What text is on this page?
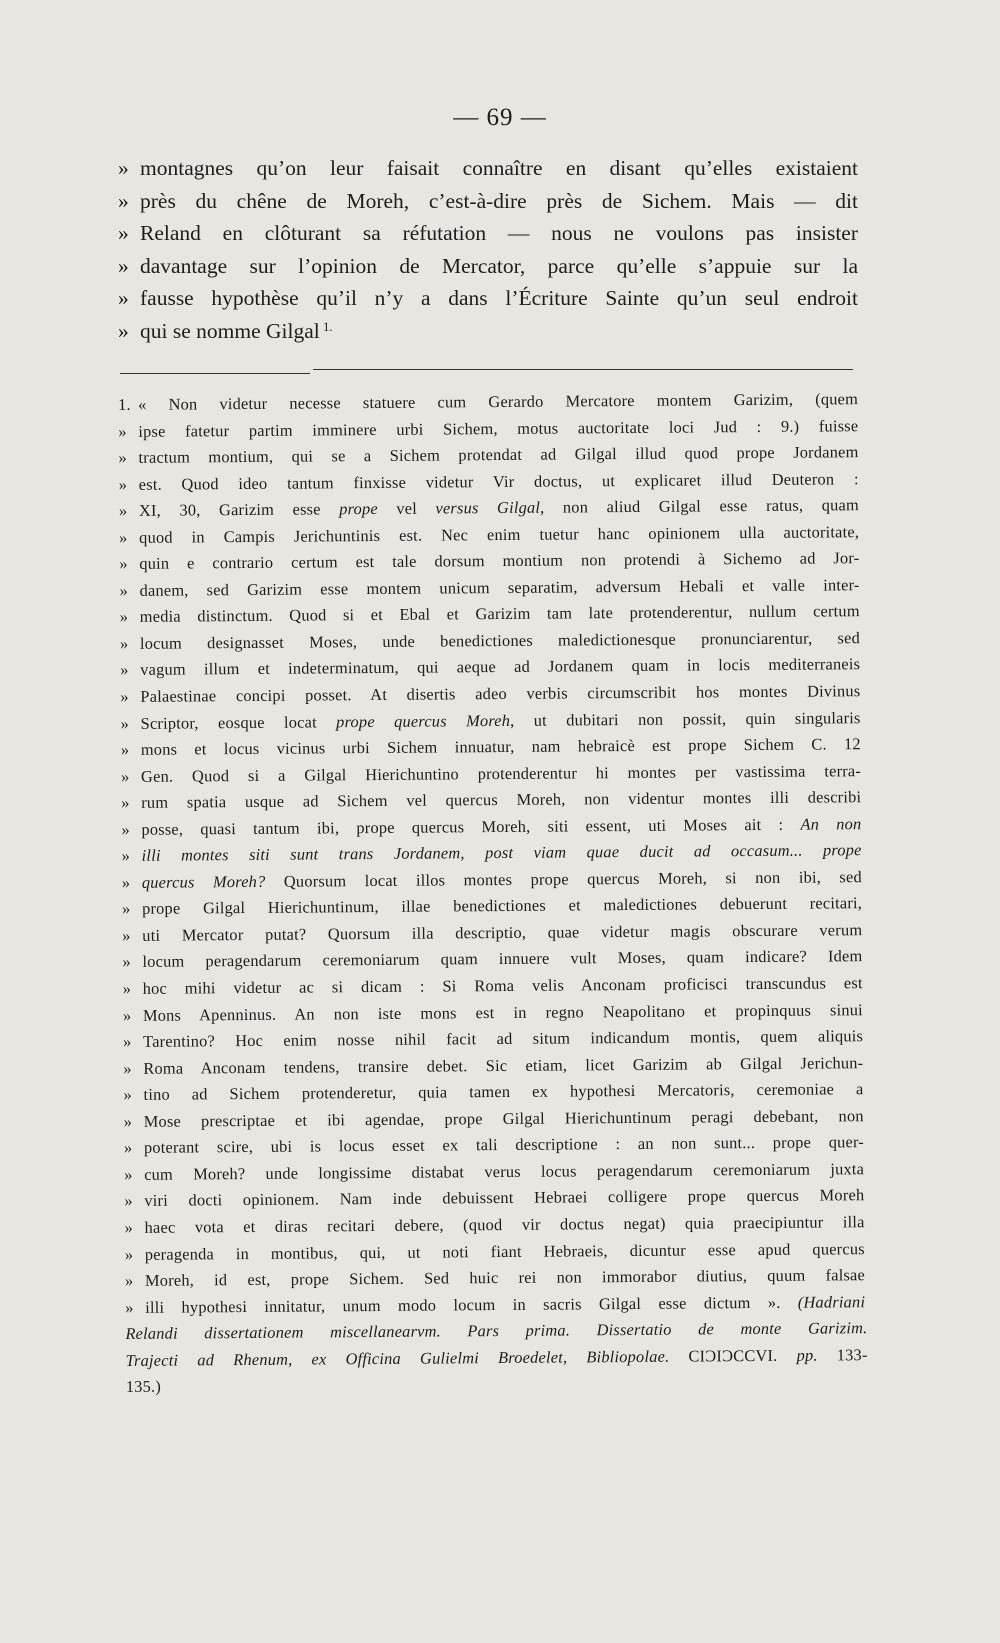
— 69 —
» montagnes qu’on leur faisait connaître en disant qu’elles existaient
» près du chêne de Moreh, c’est-à-dire près de Sichem. Mais — dit
» Reland en clôturant sa réfutation — nous ne voulons pas insister
» davantage sur l’opinion de Mercator, parce qu’elle s’appuie sur la
» fausse hypothèse qu’il n’y a dans l’Écriture Sainte qu’un seul endroit
» qui se nomme Gilgal $^{1.}$
1. « Non videtur necesse statuere cum Gerardo Mercatore montem Garizim, (quem
» ipse fatetur partim imminere urbi Sichem, motus auctoritate loci Jud : 9.) fuisse
» tractum montium, qui se a Sichem protendat ad Gilgal illud quod prope Jordanem
» est. Quod ideo tantum finxisse videtur Vir doctus, ut explicaret illud Deuteron :
» XI, 30, Garizim esse prope vel versus Gilgal, non aliud Gilgal esse ratus, quam
» quod in Campis Jerichuntinis est. Nec enim tuetur hanc opinionem ulla auctoritate,
» quin e contrario certum est tale dorsum montium non protendi à Sichemo ad Jor-
» danem, sed Garizim esse montem unicum separatim, adversum Hebali et valle inter-
» media distinctum. Quod si et Ebal et Garizim tam late protenderentur, nullum certum
» locum designasset Moses, unde benedictiones maledictionesque pronunciarentur, sed
» vagum illum et indeterminatum, qui aeque ad Jordanem quam in locis mediterraneis
» Palaestinae concipi posset. At disertis adeo verbis circumscribit hos montes Divinus
» Scriptor, eosque locat prope quercus Moreh, ut dubitari non possit, quin singularis
» mons et locus vicinus urbi Sichem innuatur, nam hebraicè est prope Sichem C. 12
» Gen. Quod si a Gilgal Hierichuntino protenderentur hi montes per vastissima terra-
» rum spatia usque ad Sichem vel quercus Moreh, non videntur montes illi describi
» posse, quasi tantum ibi, prope quercus Moreh, siti essent, uti Moses ait : An non
» illi montes siti sunt trans Jordanem, post viam quae ducit ad occasum... prope
» quercus Moreh? Quorsum locat illos montes prope quercus Moreh, si non ibi, sed
» prope Gilgal Hierichuntinum, illae benedictiones et maledictiones debuerunt recitari,
» uti Mercator putat? Quorsum illa descriptio, quae videtur magis obscurare verum
» locum peragendarum ceremoniarum quam innuere vult Moses, quam indicare? Idem
» hoc mihi videtur ac si dicam : Si Roma velis Anconam proficisci transcundus est
» Mons Apenninus. An non iste mons est in regno Neapolitano et propinquus sinui
» Tarentino? Hoc enim nosse nihil facit ad situm indicandum montis, quem aliquis
» Roma Anconam tendens, transire debet. Sic etiam, licet Garizim ab Gilgal Jerichun-
» tino ad Sichem protenderetur, quia tamen ex hypothesi Mercatoris, ceremoniae a
» Mose prescriptae et ibi agendae, prope Gilgal Hierichuntinum peragi debebant, non
» poterant scire, ubi is locus esset ex tali descriptione : an non sunt... prope quer-
» cum Moreh? unde longissime distabat verus locus peragendarum ceremoniarum juxta
» viri docti opinionem. Nam inde debuissent Hebraei colligere prope quercus Moreh
» haec vota et diras recitari debere, (quod vir doctus negat) quia praecipiuntur illa
» peragenda in montibus, qui, ut noti fiant Hebraeis, dicuntur esse apud quercus
» Moreh, id est, prope Sichem. Sed huic rei non immorabor diutius, quum falsae
» illi hypothesi innitatur, unum modo locum in sacris Gilgal esse dictum ». (Hadriani
Relandi dissertationem miscellanearvm. Pars prima. Dissertatio de monte Garizim.
Trajecti ad Rhenum, ex Officina Gulielmi Broedelet, Bibliopolae. CIƆIƆCCVI. pp. 133-
135.)
